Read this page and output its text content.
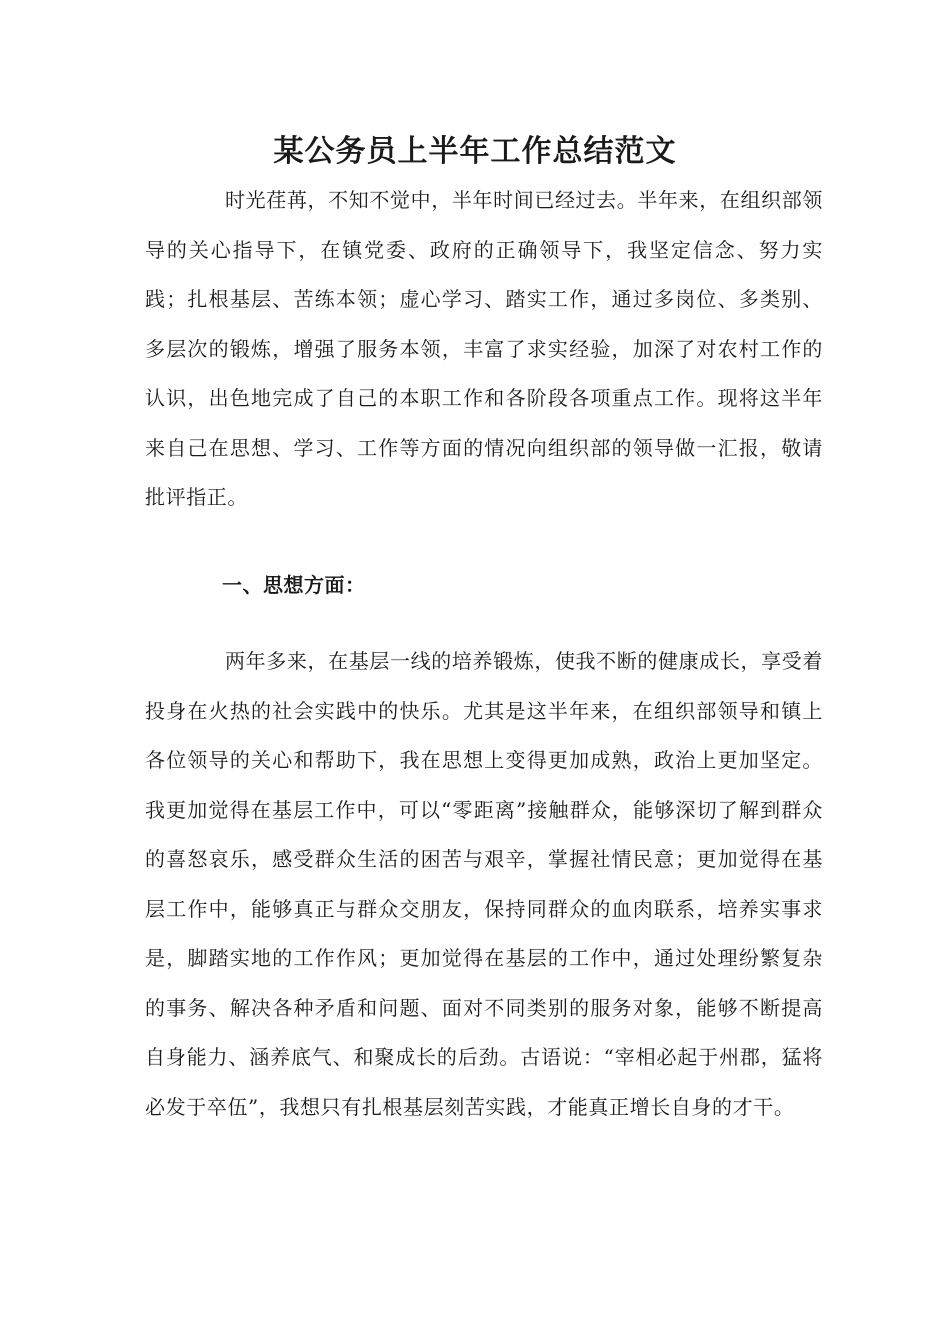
某公务员上半年工作总结范文

时光荏苒，不知不觉中，半年时间已经过去。半年来，在组织部领导的关心指导下，在镇党委、政府的正确领导下，我坚定信念、努力实践；扎根基层、苦练本领；虚心学习、踏实工作，通过多岗位、多类别、多层次的锻炼，增强了服务本领，丰富了求实经验，加深了对农村工作的认识，出色地完成了自己的本职工作和各阶段各项重点工作。现将这半年来自己在思想、学习、工作等方面的情况向组织部的领导做一汇报，敬请批评指正。

一、思想方面：

两年多来，在基层一线的培养锻炼，使我不断的健康成长，享受着投身在火热的社会实践中的快乐。尤其是这半年来，在组织部领导和镇上各位领导的关心和帮助下，我在思想上变得更加成熟，政治上更加坚定。我更加觉得在基层工作中，可以“零距离”接触群众，能够深切了解到群众的喜怒哀乐，感受群众生活的困苦与艰辛，掌握社情民意；更加觉得在基层工作中，能够真正与群众交朋友，保持同群众的血肉联系，培养实事求是，脚踏实地的工作作风；更加觉得在基层的工作中，通过处理纷繁复杂的事务、解决各种矛盾和问题、面对不同类别的服务对象，能够不断提高自身能力、涵养底气、和聚成长的后劲。古语说：“宰相必起于州郡，猛将必发于卒伍”，我想只有扎根基层刻苦实践，才能真正增长自身的才干。
